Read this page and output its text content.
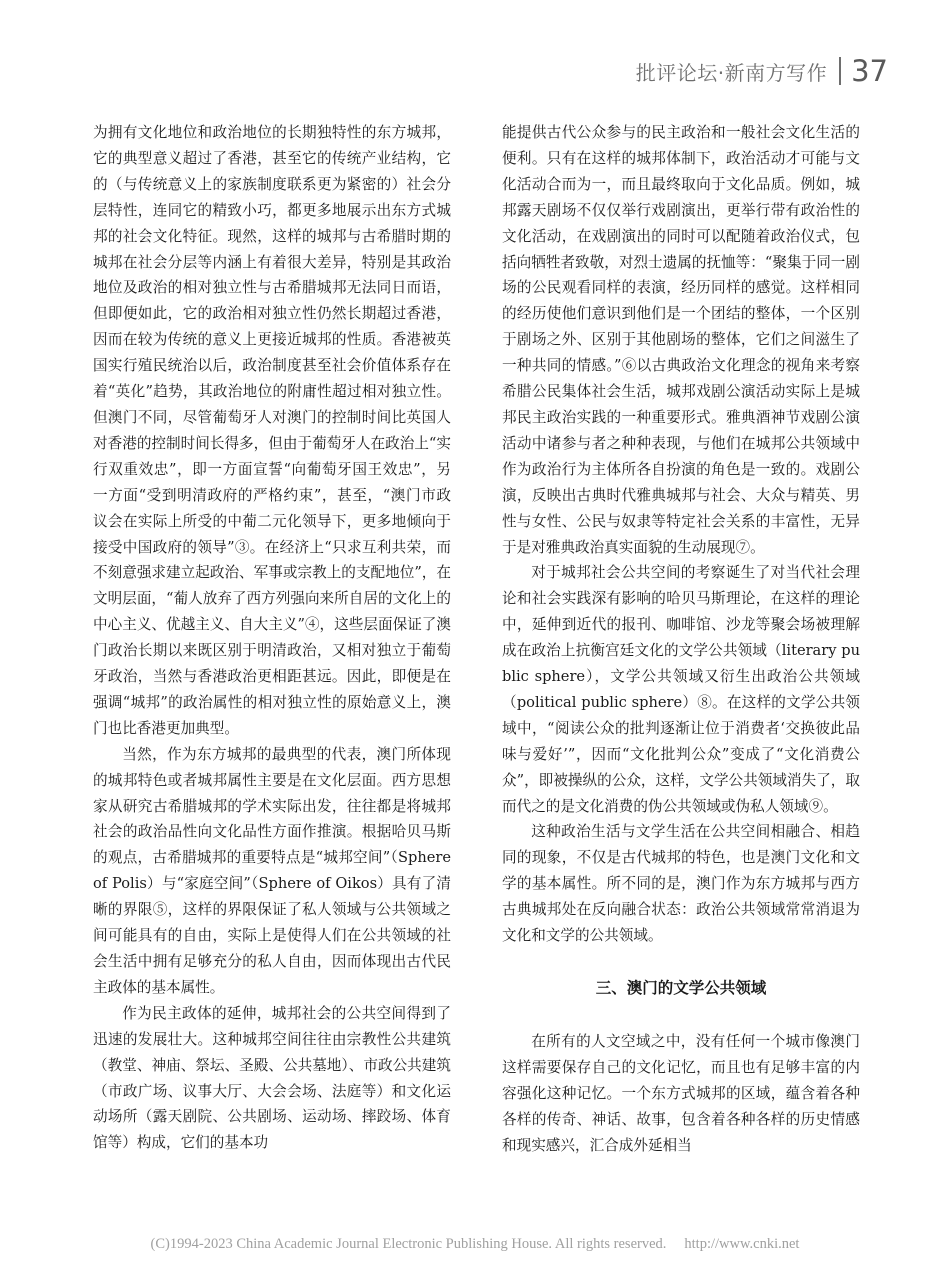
批评论坛·新南方写作 37

为拥有文化地位和政治地位的长期独特性的东方城邦，它的典型意义超过了香港，甚至它的传统产业结构，它的（与传统意义上的家族制度联系更为紧密的）社会分层特性，连同它的精致小巧，都更多地展示出东方式城邦的社会文化特征。现然，这样的城邦与古希腊时期的城邦在社会分层等内涵上有着很大差异，特别是其政治地位及政治的相对独立性与古希腊城邦无法同日而语，但即便如此，它的政治相对独立性仍然长期超过香港，因而在较为传统的意义上更接近城邦的性质。香港被英国实行殖民统治以后，政治制度甚至社会价值体系存在着“英化”趋势，其政治地位的附庸性超过相对独立性。但澳门不同，尽管葡萄牙人对澳门的控制时间比英国人对香港的控制时间长得多，但由于葡萄牙人在政治上“实行双重效忠”，即一方面宣誓“向葡萄牙国王效忠”，另一方面“受到明清政府的严格约束”，甚至，“澳门市政议会在实际上所受的中葡二元化领导下，更多地倾向于接受中国政府的领导”③。在经济上“只求互利共荣，而不刻意强求建立起政治、军事或宗教上的支配地位”，在文明层面，“葡人放弃了西方列强向来所自居的文化上的中心主义、优越主义、自大主义”④，这些层面保证了澳门政治长期以来既区别于明清政治，又相对独立于葡萄牙政治，当然与香港政治更相距甚远。因此，即便是在强调“城邦”的政治属性的相对独立性的原始意义上，澳门也比香港更加典型。

当然，作为东方城邦的最典型的代表，澳门所体现的城邦特色或者城邦属性主要是在文化层面。西方思想家从研究古希腊城邦的学术实际出发，往往都是将城邦社会的政治品性向文化品性方面作推演。根据哈贝马斯的观点，古希腊城邦的重要特点是“城邦空间”（Sphere of Polis）与“家庭空间”（Sphere of Oikos）具有了清晰的界限⑤，这样的界限保证了私人领域与公共领域之间可能具有的自由，实际上是使得人们在公共领域的社会生活中拥有足够充分的私人自由，因而体现出古代民主政体的基本属性。

作为民主政体的延伸，城邦社会的公共空间得到了迅速的发展壮大。这种城邦空间往往由宗教性公共建筑（教堂、神庙、祭坛、圣殿、公共墓地）、市政公共建筑（市政广场、议事大厅、大会会场、法庭等）和文化运动场所（露天剧院、公共剧场、运动场、摔跤场、体育馆等）构成，它们的基本功

能提供古代公众参与的民主政治和一般社会文化生活的便利。只有在这样的城邦体制下，政治活动才可能与文化活动合而为一，而且最终取向于文化品质。例如，城邦露天剧场不仅仅举行戏剧演出，更举行带有政治性的文化活动，在戏剧演出的同时可以配随着政治仪式，包括向牺牲者致敬，对烈士遗属的抚恤等：“聚集于同一剧场的公民观看同样的表演，经历同样的感觉。这样相同的经历使他们意识到他们是一个团结的整体，一个区别于剧场之外、区别于其他剧场的整体，它们之间滋生了一种共同的情感。”⑥以古典政治文化理念的视角来考察希腊公民集体社会生活，城邦戏剧公演活动实际上是城邦民主政治实践的一种重要形式。雅典酒神节戏剧公演活动中诸参与者之种种表现，与他们在城邦公共领域中作为政治行为主体所各自扮演的角色是一致的。戏剧公演，反映出古典时代雅典城邦与社会、大众与精英、男性与女性、公民与奴隶等特定社会关系的丰富性，无异于是对雅典政治真实面貌的生动展现⑦。

对于城邦社会公共空间的考察诞生了对当代社会理论和社会实践深有影响的哈贝马斯理论，在这样的理论中，延伸到近代的报刊、咖啡馆、沙龙等聚会场被理解成在政治上抗衡宫廷文化的文学公共领域（literary public sphere），文学公共领域又衍生出政治公共领域（political public sphere）⑧。在这样的文学公共领域中，“阅读公众的批判逐渐让位于消费者‘交换彼此品味与爱好’”，因而“文化批判公众”变成了“文化消费公众”，即被操纵的公众，这样，文学公共领域消失了，取而代之的是文化消费的伪公共领域或伪私人领域⑨。

这种政治生活与文学生活在公共空间相融合、相趋同的现象，不仅是古代城邦的特色，也是澳门文化和文学的基本属性。所不同的是，澳门作为东方城邦与西方古典城邦处在反向融合状态：政治公共领域常常消退为文化和文学的公共领域。

三、澳门的文学公共领域

在所有的人文空域之中，没有任何一个城市像澳门这样需要保存自己的文化记忆，而且也有足够丰富的内容强化这种记忆。一个东方式城邦的区域，蕴含着各种各样的传奇、神话、故事，包含着各种各样的历史情感和现实感兴，汇合成外延相当

(C)1994-2023 China Academic Journal Electronic Publishing House. All rights reserved. http://www.cnki.net
